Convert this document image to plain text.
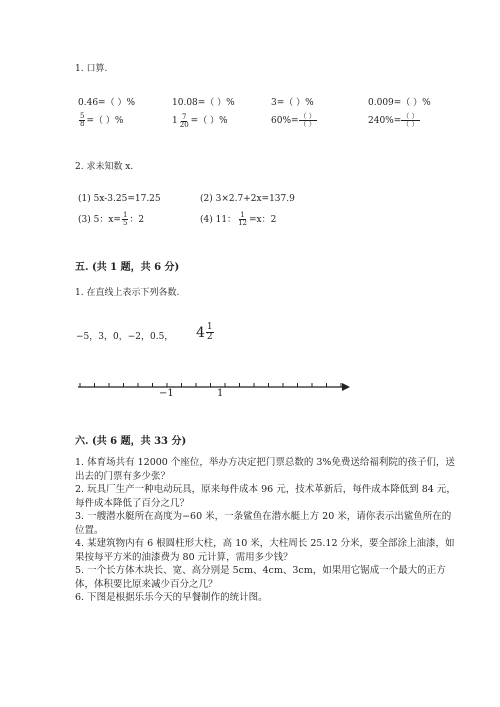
1. 口算.
0.46=（ ）%	10.08=（ ）%	3=（ ）%	0.009=（ ）%
$\frac{5}{8}$ =（ ）%	$1 \frac{7}{20}$ =（ ）%	$60\%= \frac{( )}{( )}$	$240\%= \frac{( )}{( )}$
2. 求未知数 x.
(1) 5x-3.25=17.25	(2) 3×2.7+2x=137.9
(3) 5：$x= \frac{1}{5}$ ：2	(4) 11： $\frac{1}{12} =x$：2
五. (共 1 题，共 6 分)
1. 在直线上表示下列各数.
−5，3，0，−2，0.5， $4 \frac{1}{2}$
−1	1
六. (共 6 题，共 33 分)
1. 体育场共有 12000 个座位，举办方决定把门票总数的 3%免费送给福利院的孩子们，送出去的门票有多少张？
2. 玩具厂生产一种电动玩具，原来每件成本 96 元，技术革新后，每件成本降低到 84 元，每件成本降低了百分之几？
3. 一艘潜水艇所在高度为−60 米，一条鲨鱼在潜水艇上方 20 米，请你表示出鲨鱼所在的位置。
4. 某建筑物内有 6 根圆柱形大柱，高 10 米，大柱周长 25.12 分米，要全部涂上油漆，如果按每平方米的油漆费为 80 元计算，需用多少钱？
5. 一个长方体木块长、宽、高分别是 5cm、4cm、3cm，如果用它锯成一个最大的正方体，体积要比原来减少百分之几？
6. 下图是根据乐乐今天的早餐制作的统计图。
